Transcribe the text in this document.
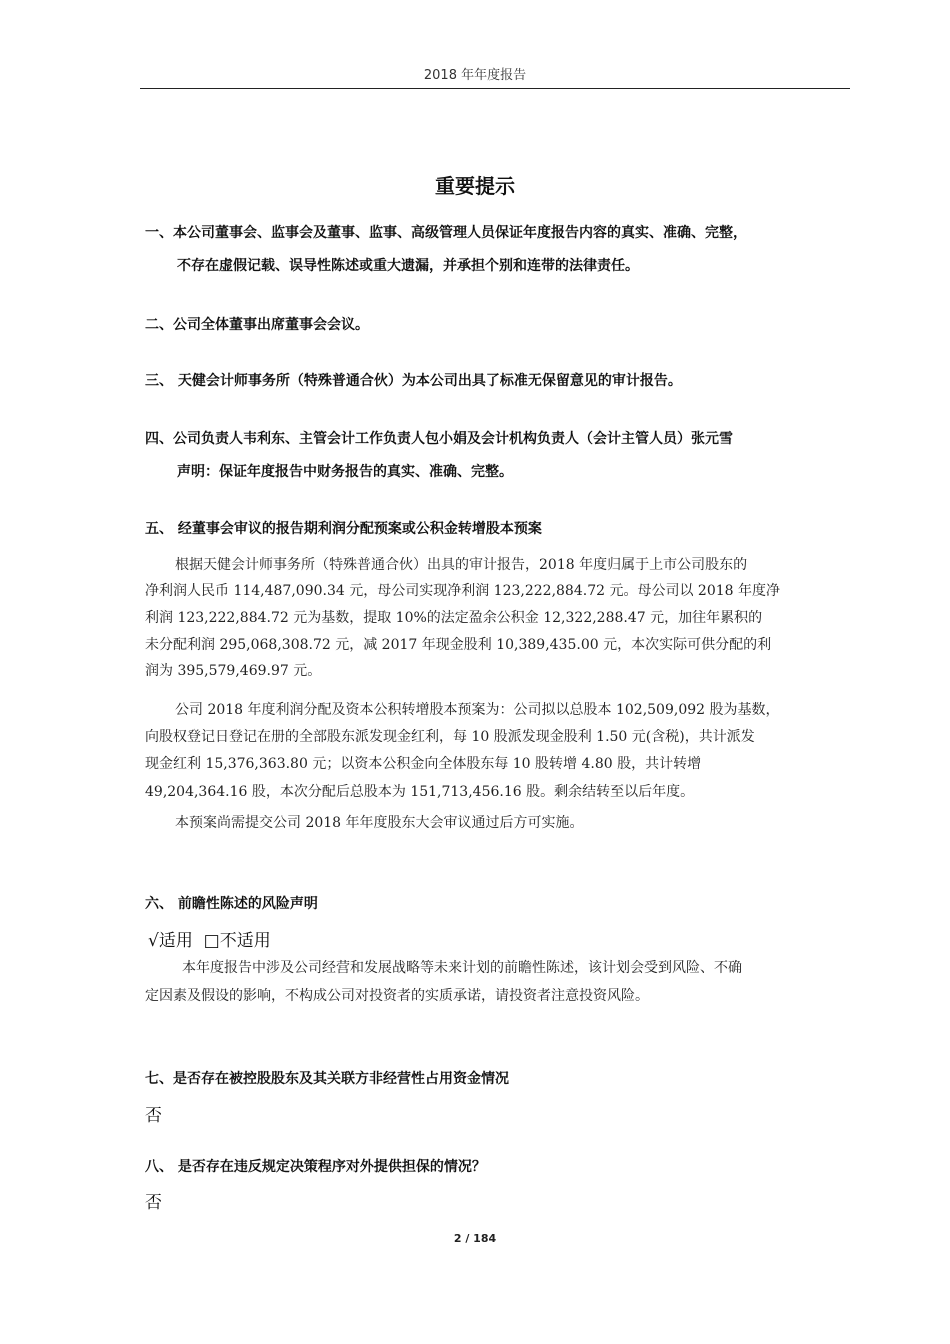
2018 年年度报告
重要提示
一、本公司董事会、监事会及董事、监事、高级管理人员保证年度报告内容的真实、准确、完整，
不存在虚假记载、误导性陈述或重大遗漏，并承担个别和连带的法律责任。
二、公司全体董事出席董事会会议。
三、 天健会计师事务所（特殊普通合伙）为本公司出具了标准无保留意见的审计报告。
四、公司负责人韦利东、主管会计工作负责人包小娟及会计机构负责人（会计主管人员）张元雪
声明：保证年度报告中财务报告的真实、准确、完整。
五、 经董事会审议的报告期利润分配预案或公积金转增股本预案
根据天健会计师事务所（特殊普通合伙）出具的审计报告，2018 年度归属于上市公司股东的
净利润人民币 114,487,090.34 元，母公司实现净利润 123,222,884.72 元。母公司以 2018 年度净
利润 123,222,884.72 元为基数，提取 10%的法定盈余公积金 12,322,288.47 元，加往年累积的
未分配利润 295,068,308.72 元，减 2017 年现金股利 10,389,435.00 元，本次实际可供分配的利
润为 395,579,469.97 元。
公司 2018 年度利润分配及资本公积转增股本预案为：公司拟以总股本 102,509,092 股为基数，
向股权登记日登记在册的全部股东派发现金红利，每 10 股派发现金股利 1.50 元(含税)，共计派发
现金红利 15,376,363.80 元；以资本公积金向全体股东每 10 股转增 4.80 股，共计转增
49,204,364.16 股，本次分配后总股本为 151,713,456.16 股。剩余结转至以后年度。
本预案尚需提交公司 2018 年年度股东大会审议通过后方可实施。
六、 前瞻性陈述的风险声明
√适用 □不适用
本年度报告中涉及公司经营和发展战略等未来计划的前瞻性陈述，该计划会受到风险、不确
定因素及假设的影响，不构成公司对投资者的实质承诺，请投资者注意投资风险。
七、是否存在被控股股东及其关联方非经营性占用资金情况
否
八、 是否存在违反规定决策程序对外提供担保的情况？
否
2 / 184
